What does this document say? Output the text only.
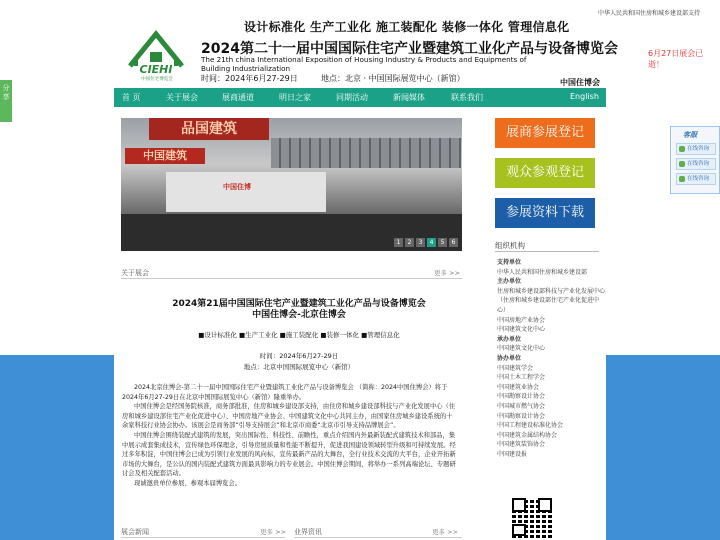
分享
中华人民共和国住房和城乡建设部支持
设计标准化 生产工业化 施工装配化 装修一体化 管理信息化
CIEHI
中国住宅博览会
2024第二十一届中国国际住宅产业暨建筑工业化产品与设备博览会
The 21th china International Exposition of Housing Industry & Products and Equipments of Building Industrialization
时间：2024年6月27-29日	地点：北京 · 中国国际展览中心（新馆）	中国住博会
首 页	关于展会	展商通道	明日之家	同期活动	新闻媒体	联系我们	English
品国建筑
中国建筑
中国住博
1	2	3	4	5	6
展商参展登记
观众参观登记
参展资料下载
组织机构
支持单位
中华人民共和国住房和城乡建设部
主办单位
住房和城乡建设部科技与产业化发展中心（住房和城乡建设部住宅产业化促进中心）
中国房地产业协会
中国建筑文化中心
承办单位
中国建筑文化中心
协办单位
中国建筑学会
中国土木工程学会
中国建筑业协会
中国勘察设计协会
中国城市燃气协会
中国勘察设计协会
中国工程建设标准化协会
中国建筑金属结构协会
中国建筑装饰协会
中国建设报
关于展会	更多 >>
2024第21届中国国际住宅产业暨建筑工业化产品与设备博览会
中国住博会-北京住博会
■设计标准化 ■生产工业化 ■施工装配化 ■装修一体化 ■管理信息化
时间：2024年6月27-29日
地点：北京中国国际展览中心（新馆）

2024北京住博会-第二十一届中国国际住宅产业暨建筑工业化产品与设备博览会 （简称：2024中国住博会）将于2024年6月27-29日在北京中国国际展览中心（新馆）隆重举办。

中国住博会是经国务院核准，商务部批准，住房和城乡建设部支持，由住房和城乡建设部科技与产业化发展中心（住房和城乡建设部住宅产业化促进中心）、中国房地产业协会、中国建筑文化中心共同主办，由国家住房城乡建设系统的十余家科技行业协会协办。该展会是商务部“引导支持展会”和北京市商委“北京市引导支持品牌展会”。

中国住博会围绕装配式建筑的发展，突出国际性、科技性、前瞻性，重点介绍国内外最新装配式建筑技术和部品，集中展示成套集成技术，宣传绿色环保理念，引导房屋质量和性能不断提升，促进我国建设领域转型升级和可持续发展。经过多年积淀，中国住博会已成为引领行业发展的风向标，宣传最新产品的大舞台，全行业技术交流的大平台，企业开拓新市场的大舞台，是公认的国内装配式建筑方面最具影响力的专业展会。中国住博会期间，将举办一系列高端论坛、专题研讨会及相关配套活动。

现诚邀贵单位参展、参观本届博览会。

展会新闻	更多 >> 业界资讯	更多 >>
6月27日展会已逝！
客服
在线咨询
在线咨询
在线咨询
